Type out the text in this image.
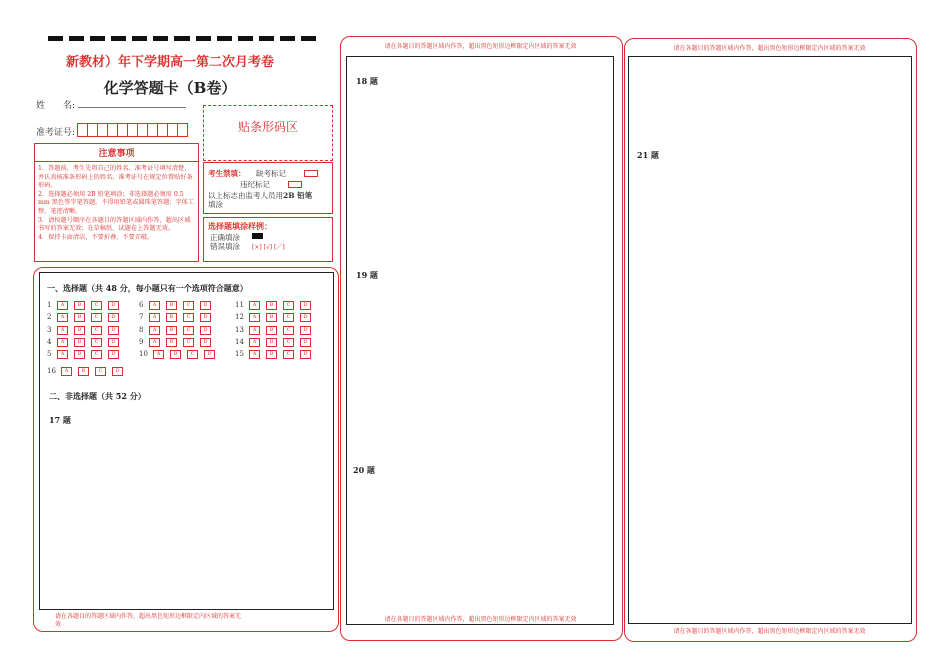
新教材）年下学期高一第二次月考卷
化学答题卡（B卷）
姓　　名:
准考证号:	贴条形码区
注意事项
1．答题前，考生先将自己的姓名、准考证号填写清楚，并认真核准条形码上的姓名、准考证号在规定位置贴好条形码。
2．选择题必须用 2B 铅笔填涂；非选择题必须用 0.5 mm 黑色签字笔答题，不得用铅笔或圆珠笔答题；字体工整、笔迹清晰。
3．请按题号顺序在各题目的答题区域内作答，超出区域书写的答案无效；在草稿纸、试题卷上答题无效。
4．保持卡面清洁，不要折叠、不要弄破。
考生禁填： 缺考标记
违纪标记
以上标志由监考人员用2B 铅笔
填涂
选择题填涂样例：
正确填涂
错误填涂 [×] [√] [／]
一、选择题（共 48 分，每小题只有一个选项符合题意）
1	A	B	C	D
2	A	B	C	D
3	A	B	C	D
4	A	B	C	D
5	A	B	C	D
6	A	B	C	D
7	A	B	C	D
8	A	B	C	D
9	A	B	C	D
10	A	B	C	D
11	A	B	C	D
12	A	B	C	D
13	A	B	C	D
14	A	B	C	D
15	A	B	C	D
16	A	B	C	D
二、非选择题（共 52 分）
17 题
请在各题目的答题区域内作答，超出黑色矩形边框限定内区域的答案无
效
请在各题目的答题区域内作答，超出黑色矩形边框限定内区域的答案无效
18 题
19 题
20 题
请在各题目的答题区域内作答，超出黑色矩形边框限定内区域的答案无效
请在各题目的答题区域内作答，超出黑色矩形边框限定内区域的答案无效
21 题
请在各题目的答题区域内作答，超出黑色矩形边框限定内区域的答案无效
